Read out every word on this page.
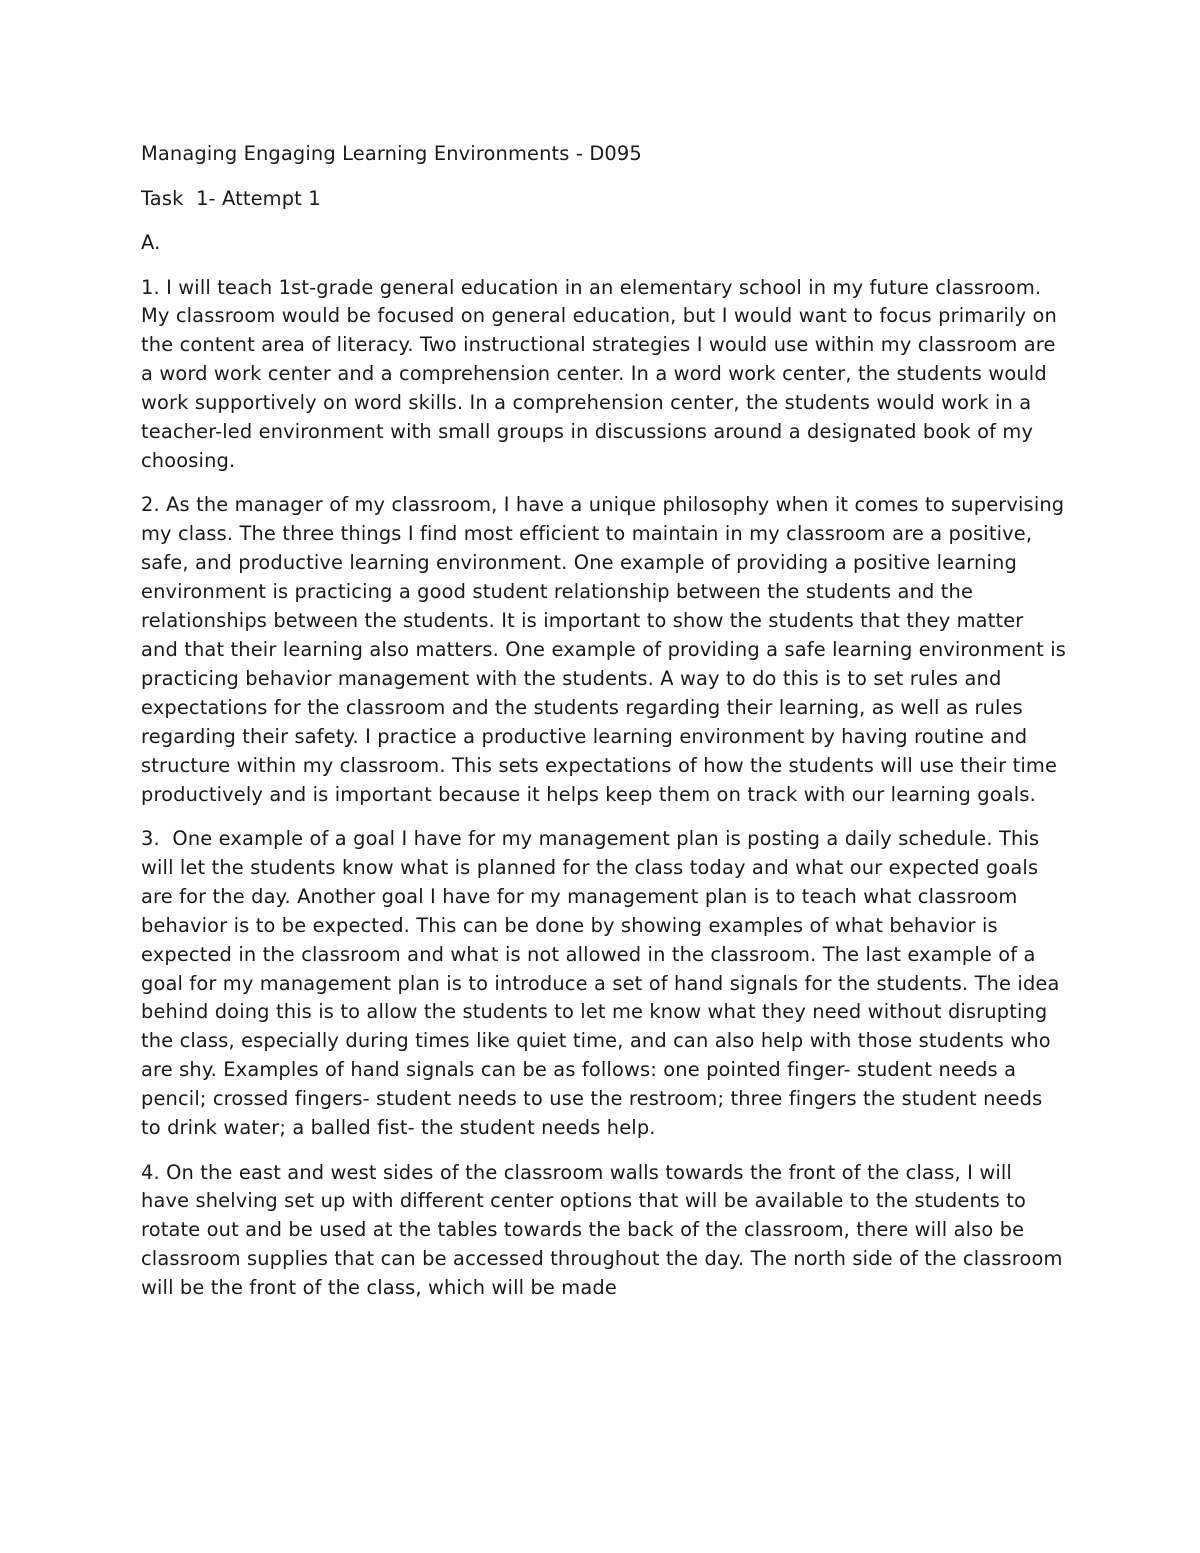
Managing Engaging Learning Environments - D095

Task  1- Attempt 1

A.

1. I will teach 1st-grade general education in an elementary school in my future classroom. My classroom would be focused on general education, but I would want to focus primarily on the content area of literacy. Two instructional strategies I would use within my classroom are a word work center and a comprehension center. In a word work center, the students would work supportively on word skills. In a comprehension center, the students would work in a teacher-led environment with small groups in discussions around a designated book of my choosing.

2. As the manager of my classroom, I have a unique philosophy when it comes to supervising my class. The three things I find most efficient to maintain in my classroom are a positive, safe, and productive learning environment. One example of providing a positive learning environment is practicing a good student relationship between the students and the relationships between the students. It is important to show the students that they matter and that their learning also matters. One example of providing a safe learning environment is practicing behavior management with the students. A way to do this is to set rules and expectations for the classroom and the students regarding their learning, as well as rules regarding their safety. I practice a productive learning environment by having routine and structure within my classroom. This sets expectations of how the students will use their time productively and is important because it helps keep them on track with our learning goals.

3.  One example of a goal I have for my management plan is posting a daily schedule. This will let the students know what is planned for the class today and what our expected goals are for the day. Another goal I have for my management plan is to teach what classroom behavior is to be expected. This can be done by showing examples of what behavior is expected in the classroom and what is not allowed in the classroom. The last example of a goal for my management plan is to introduce a set of hand signals for the students. The idea behind doing this is to allow the students to let me know what they need without disrupting the class, especially during times like quiet time, and can also help with those students who are shy. Examples of hand signals can be as follows: one pointed finger- student needs a pencil; crossed fingers- student needs to use the restroom; three fingers the student needs to drink water; a balled fist- the student needs help.

4. On the east and west sides of the classroom walls towards the front of the class, I will have shelving set up with different center options that will be available to the students to rotate out and be used at the tables towards the back of the classroom, there will also be classroom supplies that can be accessed throughout the day. The north side of the classroom will be the front of the class, which will be made
